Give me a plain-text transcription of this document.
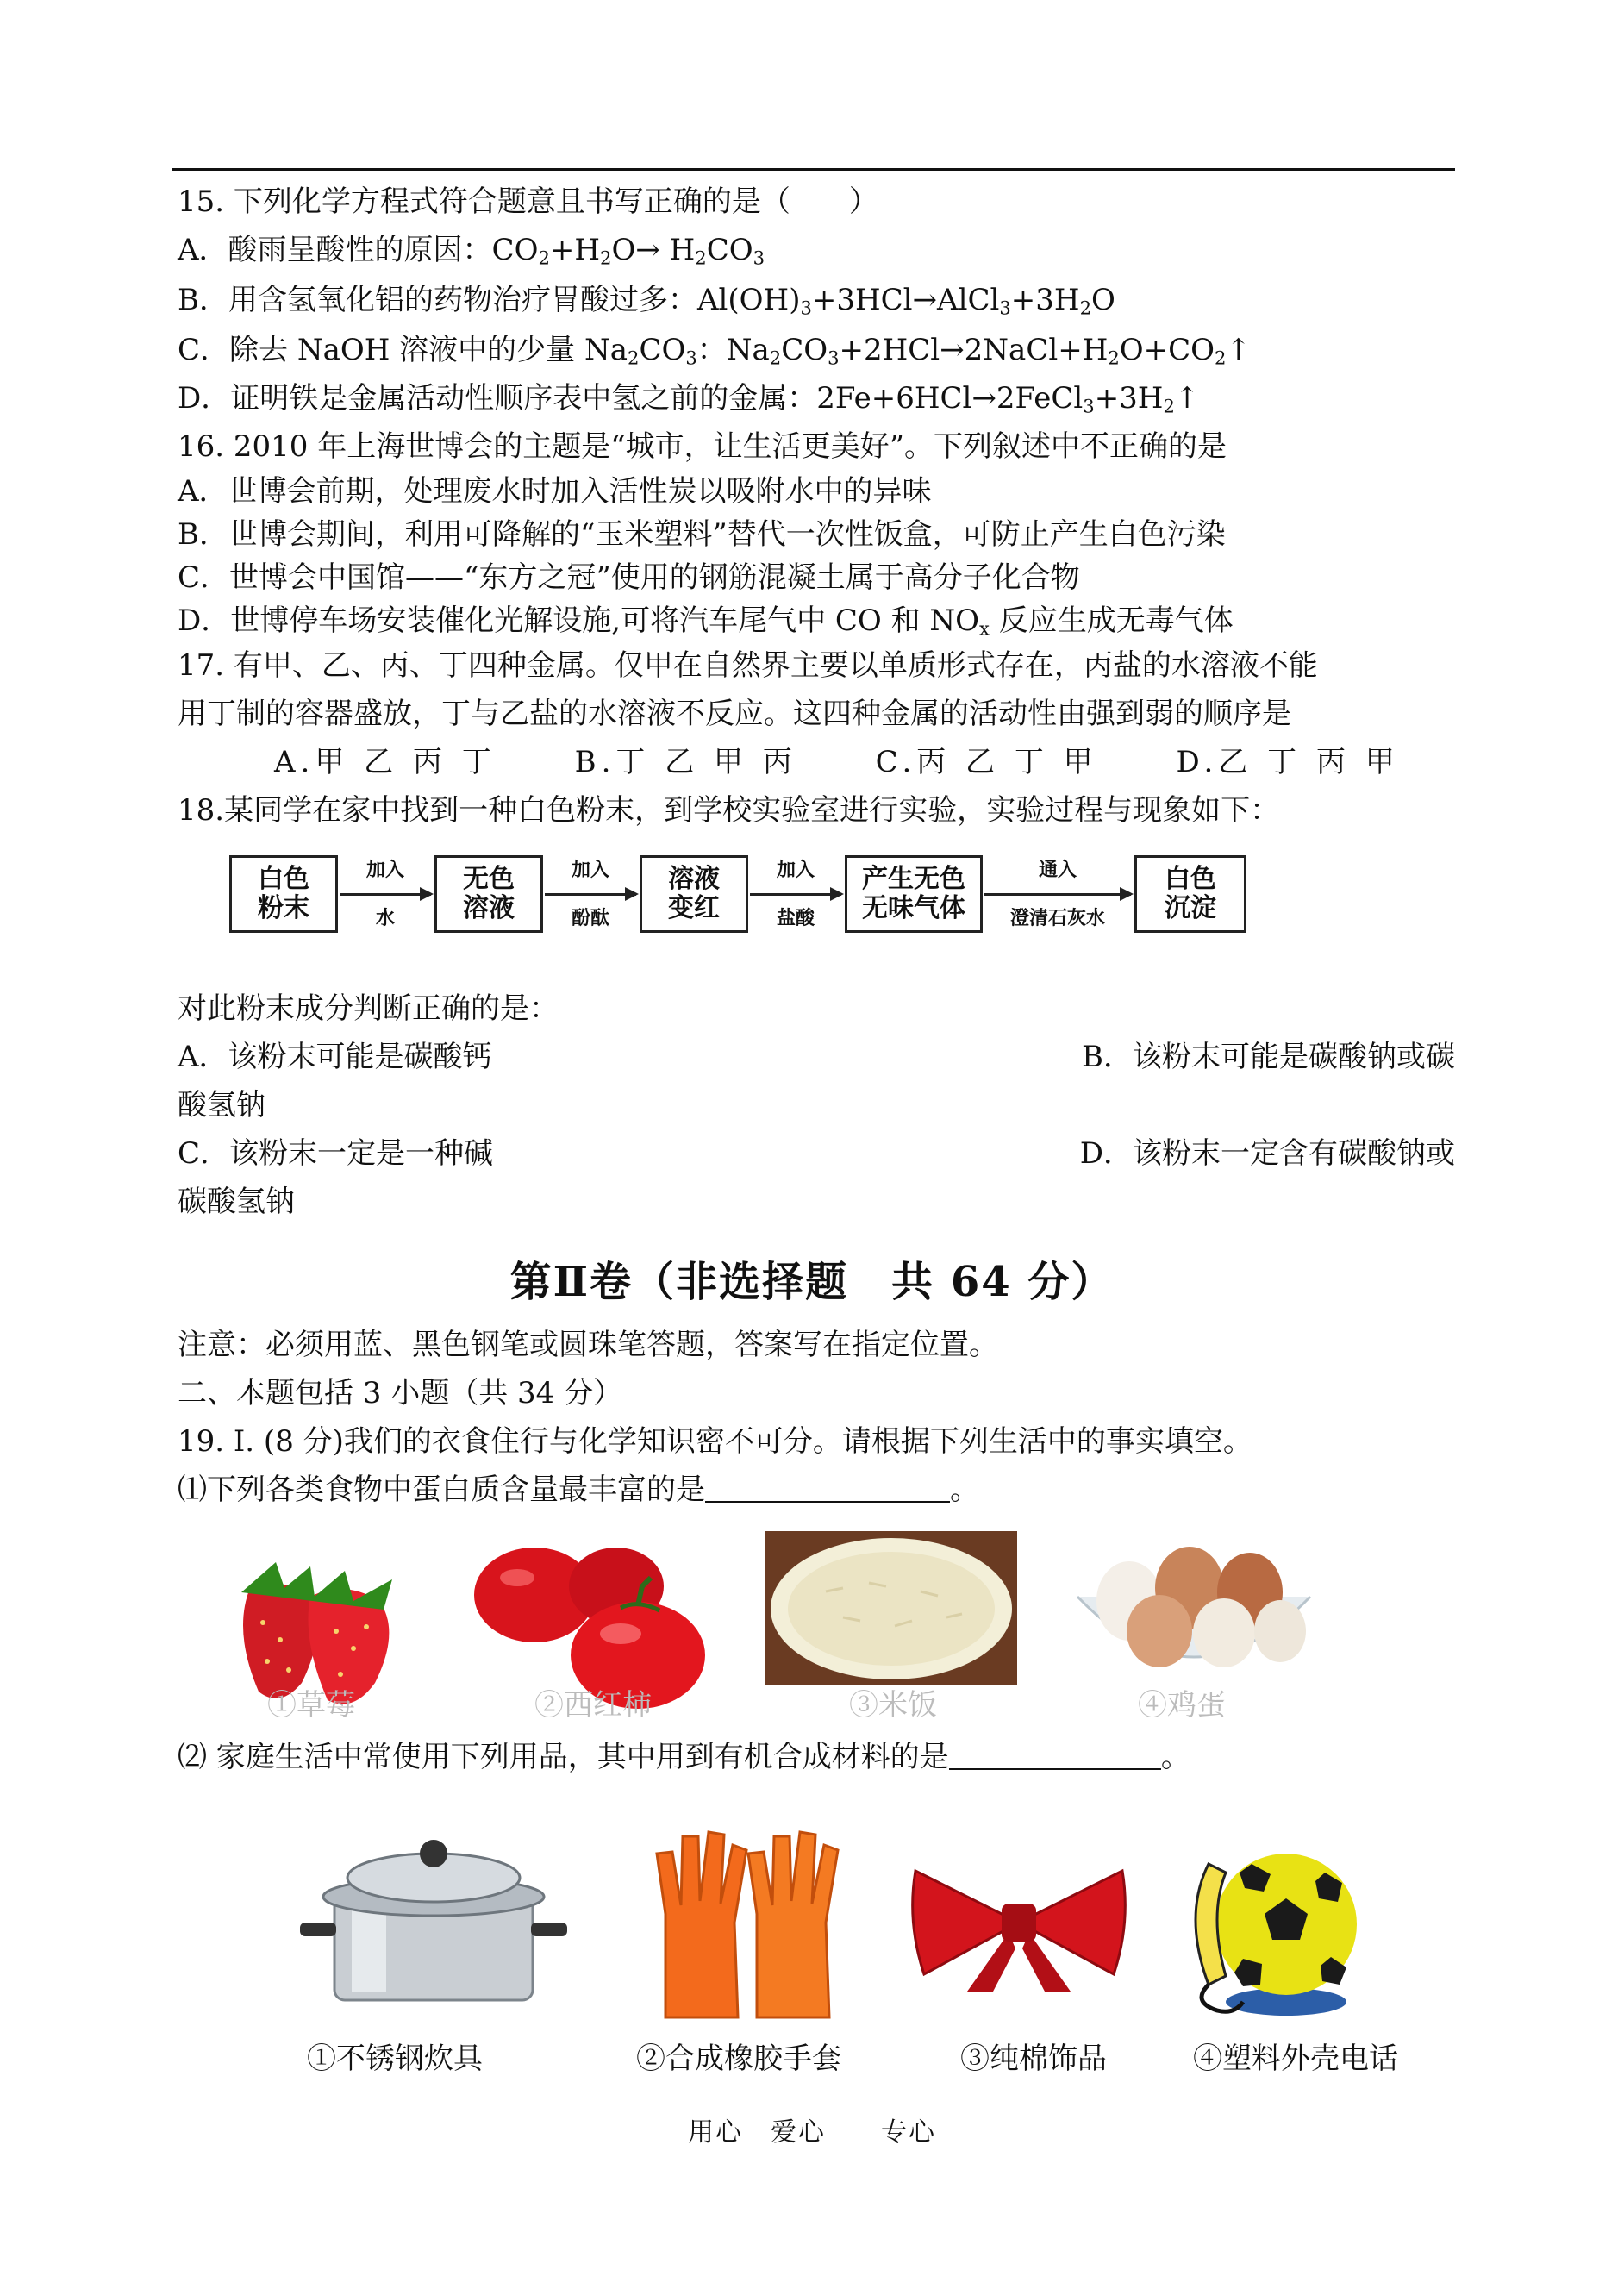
15. 下列化学方程式符合题意且书写正确的是（　　）
A．酸雨呈酸性的原因：$CO_2+H_2O\to H_2CO_3$
B．用含氢氧化铝的药物治疗胃酸过多：$Al(OH)_3+3HCl\to AlCl_3+3H_2O$
C．除去 NaOH 溶液中的少量 $Na_2CO_3$：$Na_2CO_3+2HCl\to 2NaCl+H_2O+CO_2↑$
D．证明铁是金属活动性顺序表中氢之前的金属：$2Fe+6HCl\to 2FeCl_3+3H_2↑$
16. 2010 年上海世博会的主题是“城市，让生活更美好”。下列叙述中不正确的是
A．世博会前期，处理废水时加入活性炭以吸附水中的异味
B．世博会期间，利用可降解的“玉米塑料”替代一次性饭盒，可防止产生白色污染
C．世博会中国馆——“东方之冠”使用的钢筋混凝土属于高分子化合物
D．世博停车场安装催化光解设施,可将汽车尾气中 CO 和 $NO_x$ 反应生成无毒气体
17. 有甲、乙、丙、丁四种金属。仅甲在自然界主要以单质形式存在，丙盐的水溶液不能
用丁制的容器盛放，丁与乙盐的水溶液不反应。这四种金属的活动性由强到弱的顺序是
A.甲 乙 丙 丁	B.丁 乙 甲 丙	C.丙 乙 丁 甲	D.乙 丁 丙 甲
18.某同学在家中找到一种白色粉末，到学校实验室进行实验，实验过程与现象如下：
白色
粉末
加入
水
无色
溶液
加入
酚酞
溶液
变红
加入
盐酸
产生无色
无味气体
通入
澄清石灰水
白色
沉淀
对此粉末成分判断正确的是：
A．该粉末可能是碳酸钙	B．该粉末可能是碳酸钠或碳
酸氢钠
C．该粉末一定是一种碱	D．该粉末一定含有碳酸钠或
碳酸氢钠
第Ⅱ卷（非选择题　共 64 分）
注意：必须用蓝、黑色钢笔或圆珠笔答题，答案写在指定位置。
二、本题包括 3 小题（共 34 分）
19. Ⅰ. (8 分)我们的衣食住行与化学知识密不可分。请根据下列生活中的事实填空。
⑴下列各类食物中蛋白质含量最丰富的是	。
①草莓	②西红柿	③米饭	④鸡蛋
⑵ 家庭生活中常使用下列用品，其中用到有机合成材料的是	。
①不锈钢炊具	②合成橡胶手套	③纯棉饰品	④塑料外壳电话
用心　爱心　　专心
